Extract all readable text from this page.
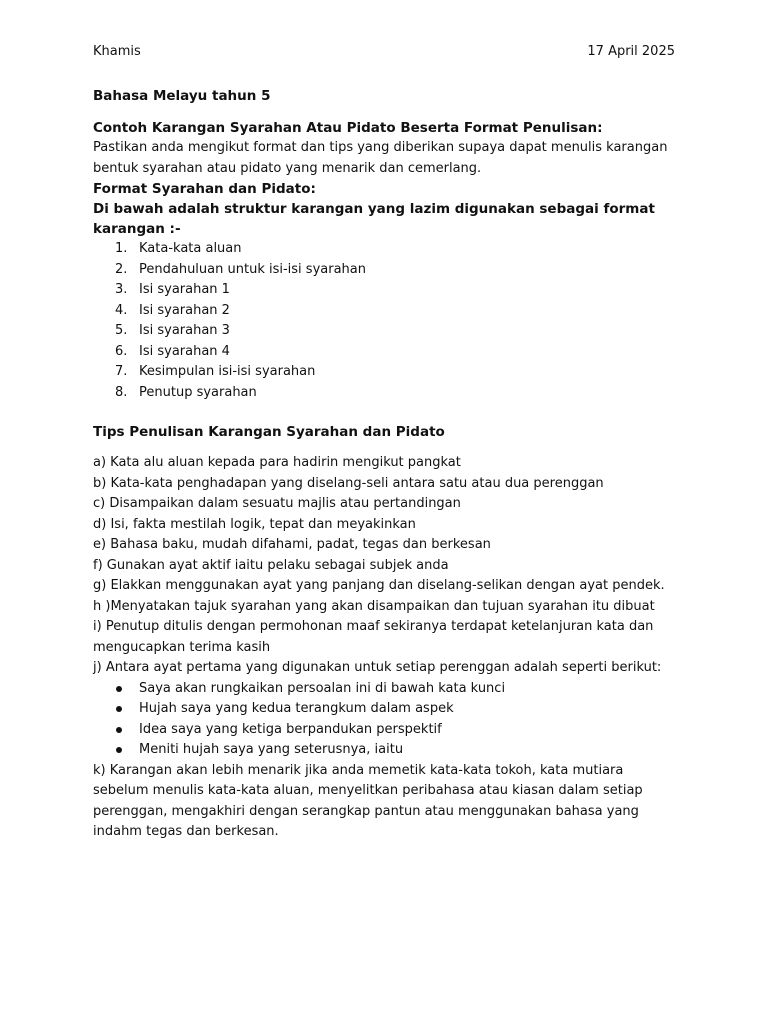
Khamis	17 April 2025
Bahasa Melayu tahun 5

Contoh Karangan Syarahan Atau Pidato Beserta Format Penulisan:

Pastikan anda mengikut format dan tips yang diberikan supaya dapat menulis karangan bentuk syarahan atau pidato yang menarik dan cemerlang.

Format Syarahan dan Pidato:

Di bawah adalah struktur karangan yang lazim digunakan sebagai format karangan :-

1. Kata-kata aluan
2. Pendahuluan untuk isi-isi syarahan
3. Isi syarahan 1
4. Isi syarahan 2
5. Isi syarahan 3
6. Isi syarahan 4
7. Kesimpulan isi-isi syarahan
8. Penutup syarahan
Tips Penulisan Karangan Syarahan dan Pidato

a) Kata alu aluan kepada para hadirin mengikut pangkat

b) Kata-kata penghadapan yang diselang-seli antara satu atau dua perenggan

c) Disampaikan dalam sesuatu majlis atau pertandingan

d) Isi, fakta mestilah logik, tepat dan meyakinkan

e) Bahasa baku, mudah difahami, padat, tegas dan berkesan

f) Gunakan ayat aktif iaitu pelaku sebagai subjek anda

g) Elakkan menggunakan ayat yang panjang dan diselang-selikan dengan ayat pendek.

h )Menyatakan tajuk syarahan yang akan disampaikan dan tujuan syarahan itu dibuat

i) Penutup ditulis dengan permohonan maaf sekiranya terdapat ketelanjuran kata dan mengucapkan terima kasih

j) Antara ayat pertama yang digunakan untuk setiap perenggan adalah seperti berikut:

Saya akan rungkaikan persoalan ini di bawah kata kunci
Hujah saya yang kedua terangkum dalam aspek
Idea saya yang ketiga berpandukan perspektif
Meniti hujah saya yang seterusnya, iaitu

k) Karangan akan lebih menarik jika anda memetik kata-kata tokoh, kata mutiara sebelum menulis kata-kata aluan, menyelitkan peribahasa atau kiasan dalam setiap perenggan, mengakhiri dengan serangkap pantun atau menggunakan bahasa yang indahm tegas dan berkesan.
